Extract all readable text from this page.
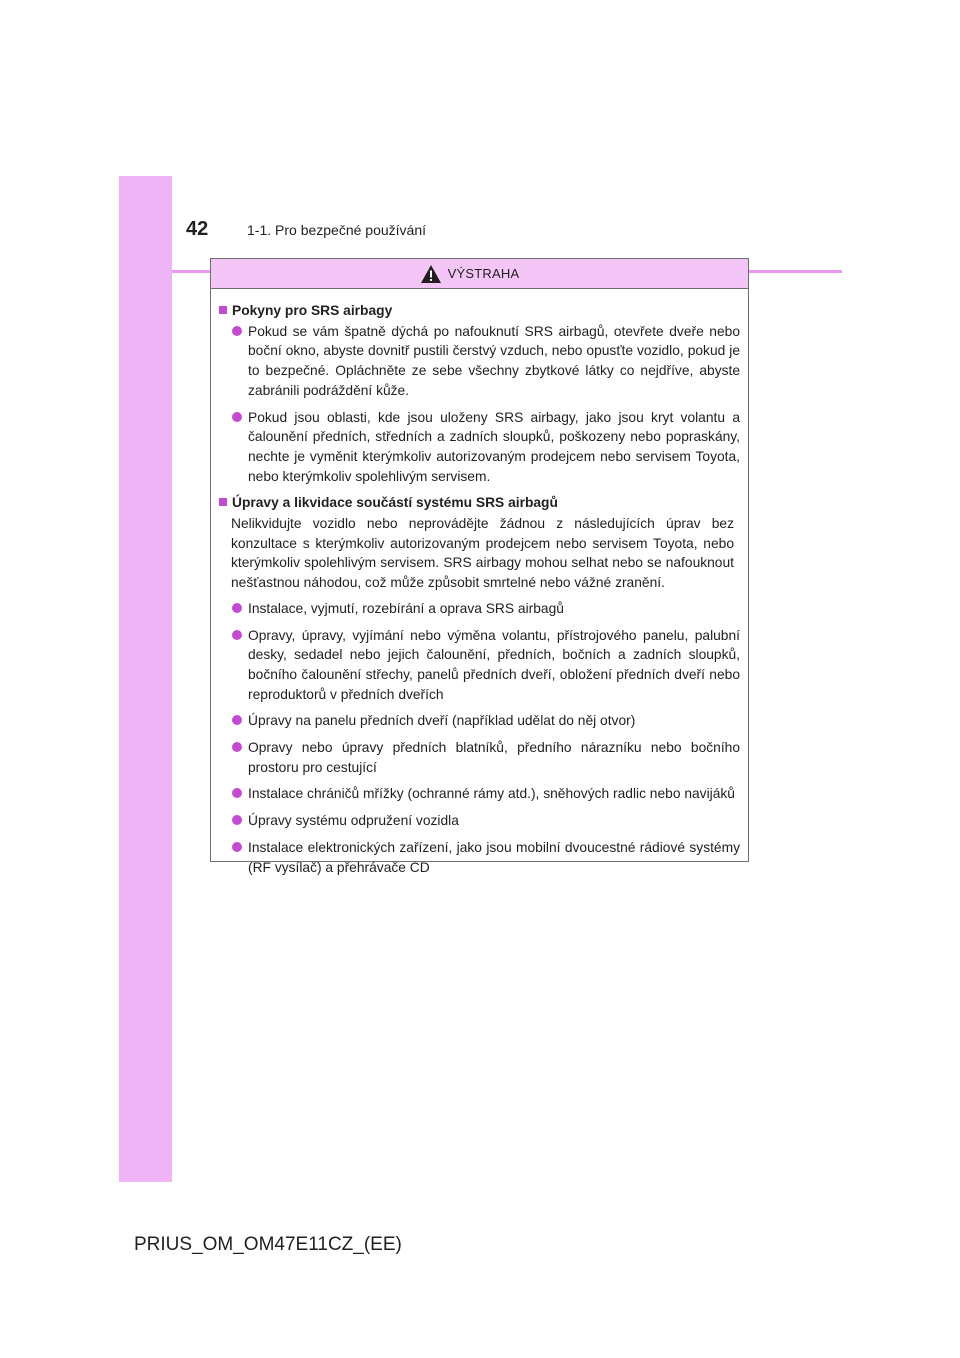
42	1-1. Pro bezpečné používání
VÝSTRAHA
Pokyny pro SRS airbagy
Pokud se vám špatně dýchá po nafouknutí SRS airbagů, otevřete dveře nebo boční okno, abyste dovnitř pustili čerstvý vzduch, nebo opusťte vozidlo, pokud je to bezpečné. Opláchněte ze sebe všechny zbytkové látky co nejdříve, abyste zabránili podráždění kůže.
Pokud jsou oblasti, kde jsou uloženy SRS airbagy, jako jsou kryt volantu a čalounění předních, středních a zadních sloupků, poškozeny nebo popraskány, nechte je vyměnit kterýmkoliv autorizovaným prodejcem nebo servisem Toyota, nebo kterýmkoliv spolehlivým servisem.
Úpravy a likvidace součástí systému SRS airbagů
Nelikvidujte vozidlo nebo neprovádějte žádnou z následujících úprav bez konzultace s kterýmkoliv autorizovaným prodejcem nebo servisem Toyota, nebo kterýmkoliv spolehlivým servisem. SRS airbagy mohou selhat nebo se nafouknout nešťastnou náhodou, což může způsobit smrtelné nebo vážné zranění.
Instalace, vyjmutí, rozebírání a oprava SRS airbagů
Opravy, úpravy, vyjímání nebo výměna volantu, přístrojového panelu, palubní desky, sedadel nebo jejich čalounění, předních, bočních a zadních sloupků, bočního čalounění střechy, panelů předních dveří, obložení předních dveří nebo reproduktorů v předních dveřích
Úpravy na panelu předních dveří (například udělat do něj otvor)
Opravy nebo úpravy předních blatníků, předního nárazníku nebo bočního prostoru pro cestující
Instalace chráničů mřížky (ochranné rámy atd.), sněhových radlic nebo navijáků
Úpravy systému odpružení vozidla
Instalace elektronických zařízení, jako jsou mobilní dvoucestné rádiové systémy (RF vysílač) a přehrávače CD
PRIUS_OM_OM47E11CZ_(EE)
